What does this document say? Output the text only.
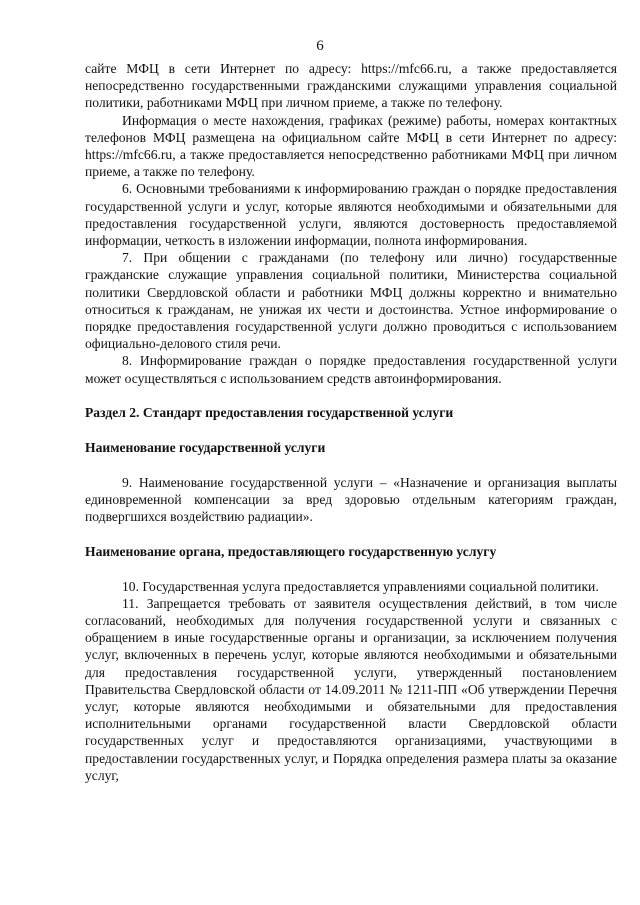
6

сайте МФЦ в сети Интернет по адресу: https://mfc66.ru, а также предоставляется непосредственно государственными гражданскими служащими управления социальной политики, работниками МФЦ при личном приеме, а также по телефону.

Информация о месте нахождения, графиках (режиме) работы, номерах контактных телефонов МФЦ размещена на официальном сайте МФЦ в сети Интернет по адресу: https://mfc66.ru, а также предоставляется непосредственно работниками МФЦ при личном приеме, а также по телефону.

6. Основными требованиями к информированию граждан о порядке предоставления государственной услуги и услуг, которые являются необходимыми и обязательными для предоставления государственной услуги, являются достоверность предоставляемой информации, четкость в изложении информации, полнота информирования.

7. При общении с гражданами (по телефону или лично) государственные гражданские служащие управления социальной политики, Министерства социальной политики Свердловской области и работники МФЦ должны корректно и внимательно относиться к гражданам, не унижая их чести и достоинства. Устное информирование о порядке предоставления государственной услуги должно проводиться с использованием официально-делового стиля речи.

8. Информирование граждан о порядке предоставления государственной услуги может осуществляться с использованием средств автоинформирования.

Раздел 2. Стандарт предоставления государственной услуги

Наименование государственной услуги

9. Наименование государственной услуги – «Назначение и организация выплаты единовременной компенсации за вред здоровью отдельным категориям граждан, подвергшихся воздействию радиации».

Наименование органа, предоставляющего государственную услугу

10. Государственная услуга предоставляется управлениями социальной политики.

11. Запрещается требовать от заявителя осуществления действий, в том числе согласований, необходимых для получения государственной услуги и связанных с обращением в иные государственные органы и организации, за исключением получения услуг, включенных в перечень услуг, которые являются необходимыми и обязательными для предоставления государственной услуги, утвержденный постановлением Правительства Свердловской области от 14.09.2011 № 1211-ПП «Об утверждении Перечня услуг, которые являются необходимыми и обязательными для предоставления исполнительными органами государственной власти Свердловской области государственных услуг и предоставляются организациями, участвующими в предоставлении государственных услуг, и Порядка определения размера платы за оказание услуг,
